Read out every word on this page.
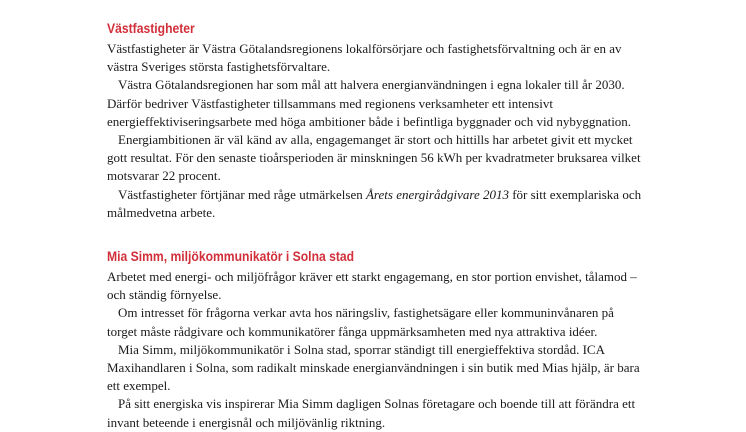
Västfastigheter

Västfastigheter är Västra Götalandsregionens lokalförsörjare och fastighetsförvaltning och är en av västra Sveriges största fastighetsförvaltare.

Västra Götalandsregionen har som mål att halvera energianvändningen i egna lokaler till år 2030. Därför bedriver Västfastigheter tillsammans med regionens verksamheter ett intensivt energieffektiviseringsarbete med höga ambitioner både i befintliga byggnader och vid nybyggnation.

Energiambitionen är väl känd av alla, engagemanget är stort och hittills har arbetet givit ett mycket gott resultat. För den senaste tioårsperioden är minskningen 56 kWh per kvadratmeter bruksarea vilket motsvarar 22 procent.

Västfastigheter förtjänar med råge utmärkelsen Årets energirådgivare 2013 för sitt exemplariska och målmedvetna arbete.

Mia Simm, miljökommunikatör i Solna stad

Arbetet med energi- och miljöfrågor kräver ett starkt engagemang, en stor portion envishet, tålamod – och ständig förnyelse.

Om intresset för frågorna verkar avta hos näringsliv, fastighetsägare eller kommuninvånaren på torget måste rådgivare och kommunikatörer fånga uppmärksamheten med nya attraktiva idéer.

Mia Simm, miljökommunikatör i Solna stad, sporrar ständigt till energieffektiva stordåd. ICA Maxihandlaren i Solna, som radikalt minskade energianvändningen i sin butik med Mias hjälp, är bara ett exempel.

På sitt energiska vis inspirerar Mia Simm dagligen Solnas företagare och boende till att förändra ett invant beteende i energisnål och miljövänlig riktning.
